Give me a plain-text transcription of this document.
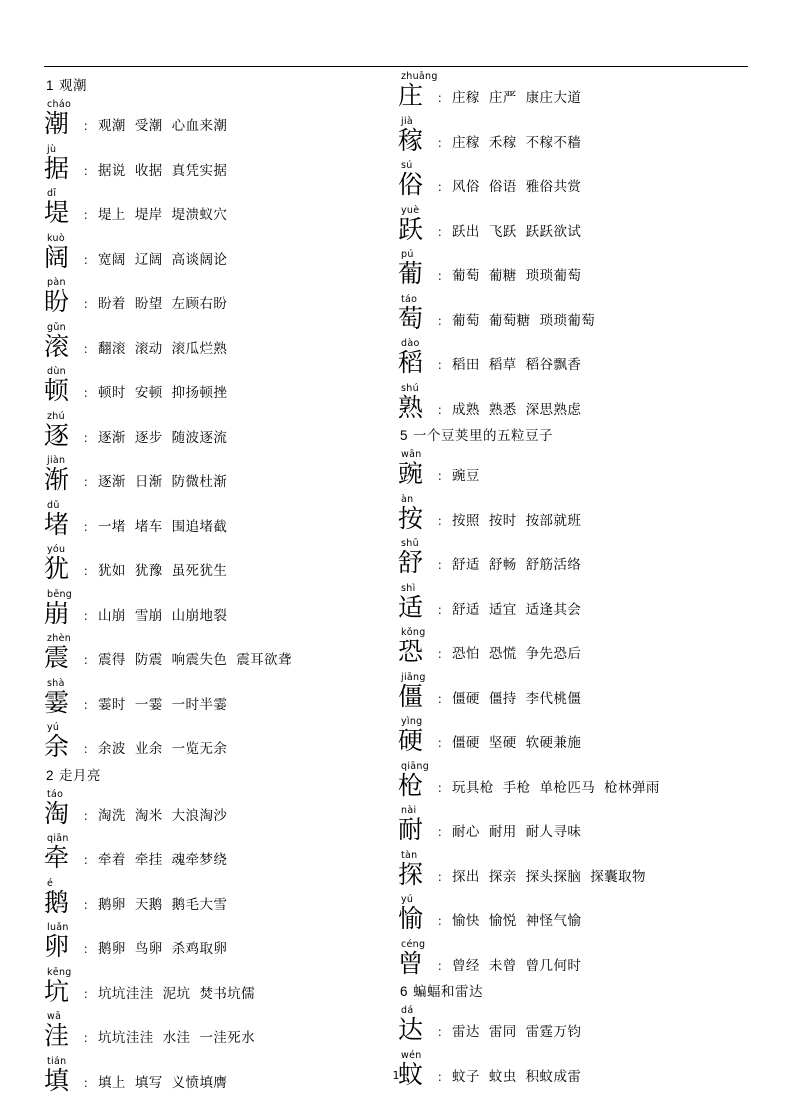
1 观潮
cháo
潮	： 观潮 受潮 心血来潮
jù
据	： 据说 收据 真凭实据
dī
堤	： 堤上 堤岸 堤溃蚁穴
kuò
阔	： 宽阔 辽阔 高谈阔论
pàn
盼	： 盼着 盼望 左顾右盼
gǔn
滚	： 翻滚 滚动 滚瓜烂熟
dùn
顿	： 顿时 安顿 抑扬顿挫
zhú
逐	： 逐渐 逐步 随波逐流
jiàn
渐	： 逐渐 日渐 防微杜渐
dǔ
堵	： 一堵 堵车 围追堵截
yóu
犹	： 犹如 犹豫 虽死犹生
bēng
崩	： 山崩 雪崩 山崩地裂
zhèn
震	： 震得 防震 响震失色 震耳欲聋
shà
霎	： 霎时 一霎 一时半霎
yú
余	： 余波 业余 一览无余
2 走月亮
táo
淘	： 淘洗 淘米 大浪淘沙
qiān
牵	： 牵着 牵挂 魂牵梦绕
é
鹅	： 鹅卵 天鹅 鹅毛大雪
luǎn
卵	： 鹅卵 鸟卵 杀鸡取卵
kēng
坑	： 坑坑洼洼 泥坑 焚书坑儒
wā
洼	： 坑坑洼洼 水洼 一洼死水
tián
填	： 填上 填写 义愤填膺
zhuāng
庄	： 庄稼 庄严 康庄大道
jià
稼	： 庄稼 禾稼 不稼不穑
sú
俗	： 风俗 俗语 雅俗共赏
yuè
跃	： 跃出 飞跃 跃跃欲试
pú
葡	： 葡萄 葡糖 琐琐葡萄
táo
萄	： 葡萄 葡萄糖 琐琐葡萄
dào
稻	： 稻田 稻草 稻谷飘香
shú
熟	： 成熟 熟悉 深思熟虑
5 一个豆荚里的五粒豆子
wān
豌	： 豌豆
àn
按	： 按照 按时 按部就班
shū
舒	： 舒适 舒畅 舒筋活络
shì
适	： 舒适 适宜 适逢其会
kǒng
恐	： 恐怕 恐慌 争先恐后
jiāng
僵	： 僵硬 僵持 李代桃僵
yìng
硬	： 僵硬 坚硬 软硬兼施
qiāng
枪	： 玩具枪 手枪 单枪匹马 枪林弹雨
nài
耐	： 耐心 耐用 耐人寻味
tàn
探	： 探出 探亲 探头探脑 探囊取物
yú
愉	： 愉快 愉悦 神怪气愉
céng
曾	： 曾经 未曾 曾几何时
6 蝙蝠和雷达
dá
达	： 雷达 雷同 雷霆万钧
wén
蚊	： 蚊子 蚊虫 积蚊成雷
1
